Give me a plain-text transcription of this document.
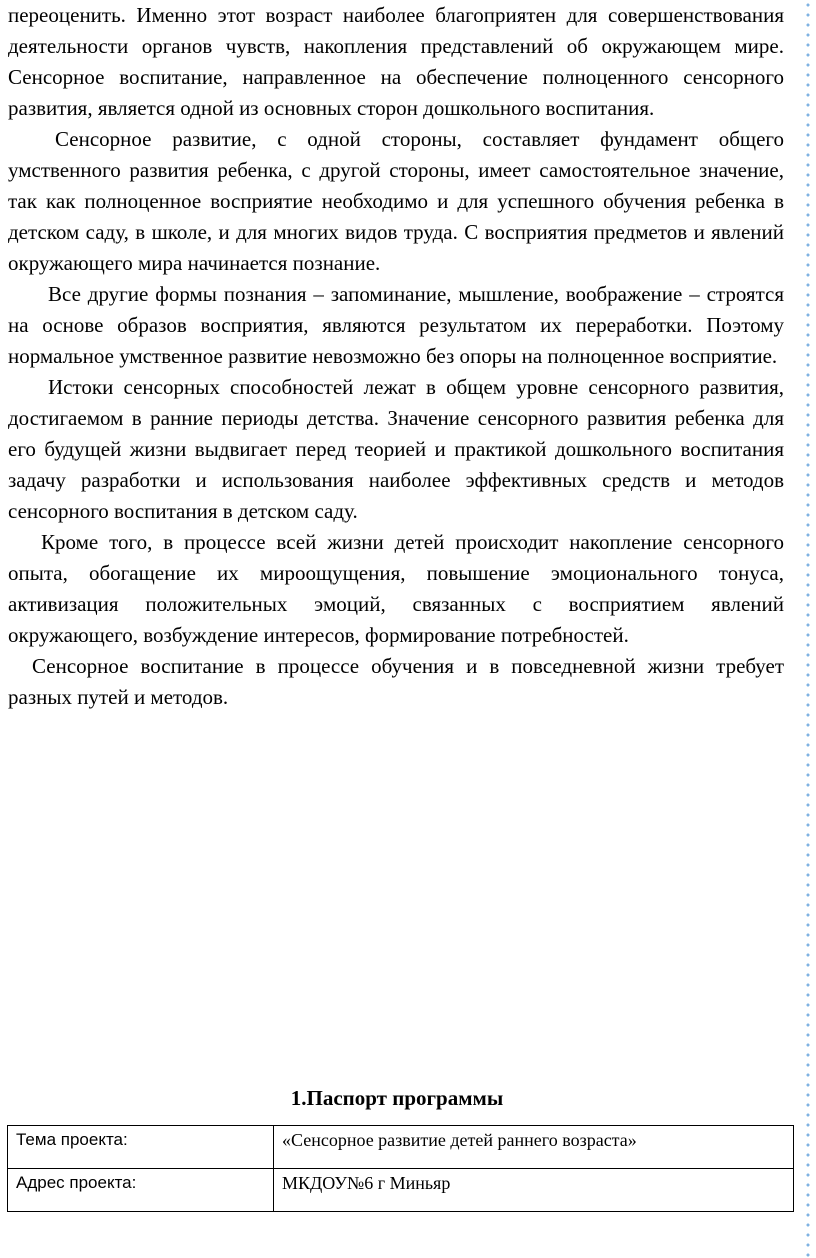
переоценить. Именно этот возраст наиболее благоприятен для совершенствования деятельности органов чувств, накопления представлений об окружающем мире. Сенсорное воспитание, направленное на обеспечение полноценного сенсорного развития, является одной из основных сторон дошкольного воспитания.

Сенсорное развитие, с одной стороны, составляет фундамент общего умственного развития ребенка, с другой стороны, имеет самостоятельное значение, так как полноценное восприятие необходимо и для успешного обучения ребенка в детском саду, в школе, и для многих видов труда. С восприятия предметов и явлений окружающего мира начинается познание.

Все другие формы познания – запоминание, мышление, воображение – строятся на основе образов восприятия, являются результатом их переработки. Поэтому нормальное умственное развитие невозможно без опоры на полноценное восприятие.

Истоки сенсорных способностей лежат в общем уровне сенсорного развития, достигаемом в ранние периоды детства. Значение сенсорного развития ребенка для его будущей жизни выдвигает перед теорией и практикой дошкольного воспитания задачу разработки и использования наиболее эффективных средств и методов сенсорного воспитания в детском саду.

Кроме того, в процессе всей жизни детей происходит накопление сенсорного опыта, обогащение их мироощущения, повышение эмоционального тонуса, активизация положительных эмоций, связанных с восприятием явлений окружающего, возбуждение интересов, формирование потребностей.

Сенсорное воспитание в процессе обучения и в повседневной жизни требует разных путей и методов.

1.Паспорт программы
Тема проекта:	«Сенсорное развитие детей раннего возраста»
Адрес проекта:	МКДОУ№6 г Миньяр
